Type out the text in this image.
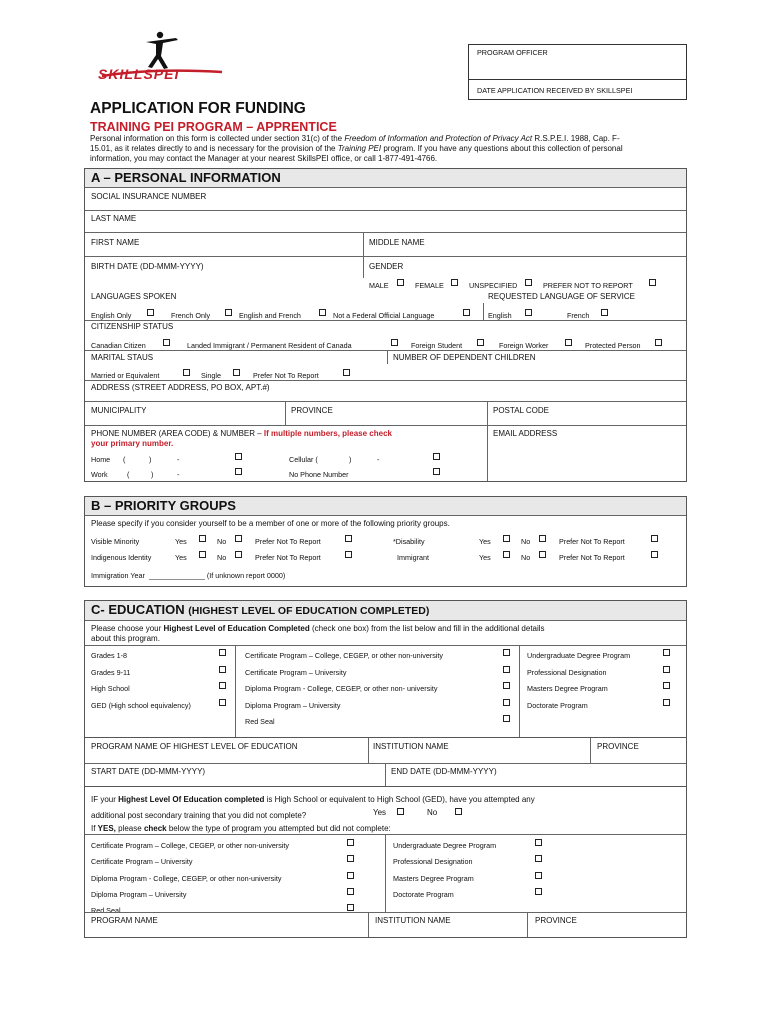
SKILLSPEI
PROGRAM OFFICER
DATE APPLICATION RECEIVED BY SKILLSPEI
APPLICATION FOR FUNDING
TRAINING PEI PROGRAM – APPRENTICE
Personal information on this form is collected under section 31(c) of the Freedom of Information and Protection of Privacy Act R.S.P.E.I. 1988, Cap. F-
15.01, as it relates directly to and is necessary for the provision of the Training PEI program. If you have any questions about this collection of personal
information, you may contact the Manager at your nearest SkillsPEI office, or call 1-877-491-4766.
A – PERSONAL INFORMATION
SOCIAL INSURANCE NUMBER
LAST NAME
FIRST NAME	MIDDLE NAME
BIRTH DATE (DD-MMM-YYYY)	GENDER
MALE	FEMALE	UNSPECIFIED	PREFER NOT TO REPORT
LANGUAGES SPOKEN	REQUESTED LANGUAGE OF SERVICE
English Only	French Only	English and French	Not a Federal Official Language	English	French
CITIZENSHIP STATUS
Canadian Citizen	Landed Immigrant / Permanent Resident of Canada	Foreign Student	Foreign Worker	Protected Person
MARITAL STAUS	NUMBER OF DEPENDENT CHILDREN
Married or Equivalent	Single	Prefer Not To Report
ADDRESS (STREET ADDRESS, PO BOX, APT.#)
MUNICIPALITY	PROVINCE	POSTAL CODE
PHONE NUMBER (AREA CODE) & NUMBER – If multiple numbers, please check
your primary number.
EMAIL ADDRESS
Home (	)	-	Cellular (	)	-
Work	(	)	-	No Phone Number
B – PRIORITY GROUPS
Please specify if you consider yourself to be a member of one or more of the following priority groups.
Visible Minority	Yes	No	Prefer Not To Report	*Disability	Yes	No	Prefer Not To Report
Indigenous Identity	Yes	No	Prefer Not To Report	Immigrant	Yes	No	Prefer Not To Report
Immigration Year ______________ (If unknown report 0000)
C- EDUCATION (HIGHEST LEVEL OF EDUCATION COMPLETED)
Please choose your Highest Level of Education Completed (check one box) from the list below and fill in the additional details
about this program.
Grades 1-8
Grades 9-11
High School
GED (High school equivalency)
Certificate Program – College, CEGEP, or other non-university
Certificate Program – University
Diploma Program - College, CEGEP, or other non- university
Diploma Program – University
Red Seal
Undergraduate Degree Program
Professional Designation
Masters Degree Program
Doctorate Program
PROGRAM NAME OF HIGHEST LEVEL OF EDUCATION	INSTITUTION NAME	PROVINCE
START DATE (DD-MMM-YYYY)	END DATE (DD-MMM-YYYY)
IF your Highest Level Of Education completed is High School or equivalent to High School (GED), have you attempted any
additional post secondary training that you did not complete?	Yes	No
If YES, please check below the type of program you attempted but did not complete:
Certificate Program – College, CEGEP, or other non-university
Certificate Program – University
Diploma Program - College, CEGEP, or other non-university
Diploma Program – University
Red Seal
Undergraduate Degree Program
Professional Designation
Masters Degree Program
Doctorate Program
PROGRAM NAME	INSTITUTION NAME	PROVINCE
